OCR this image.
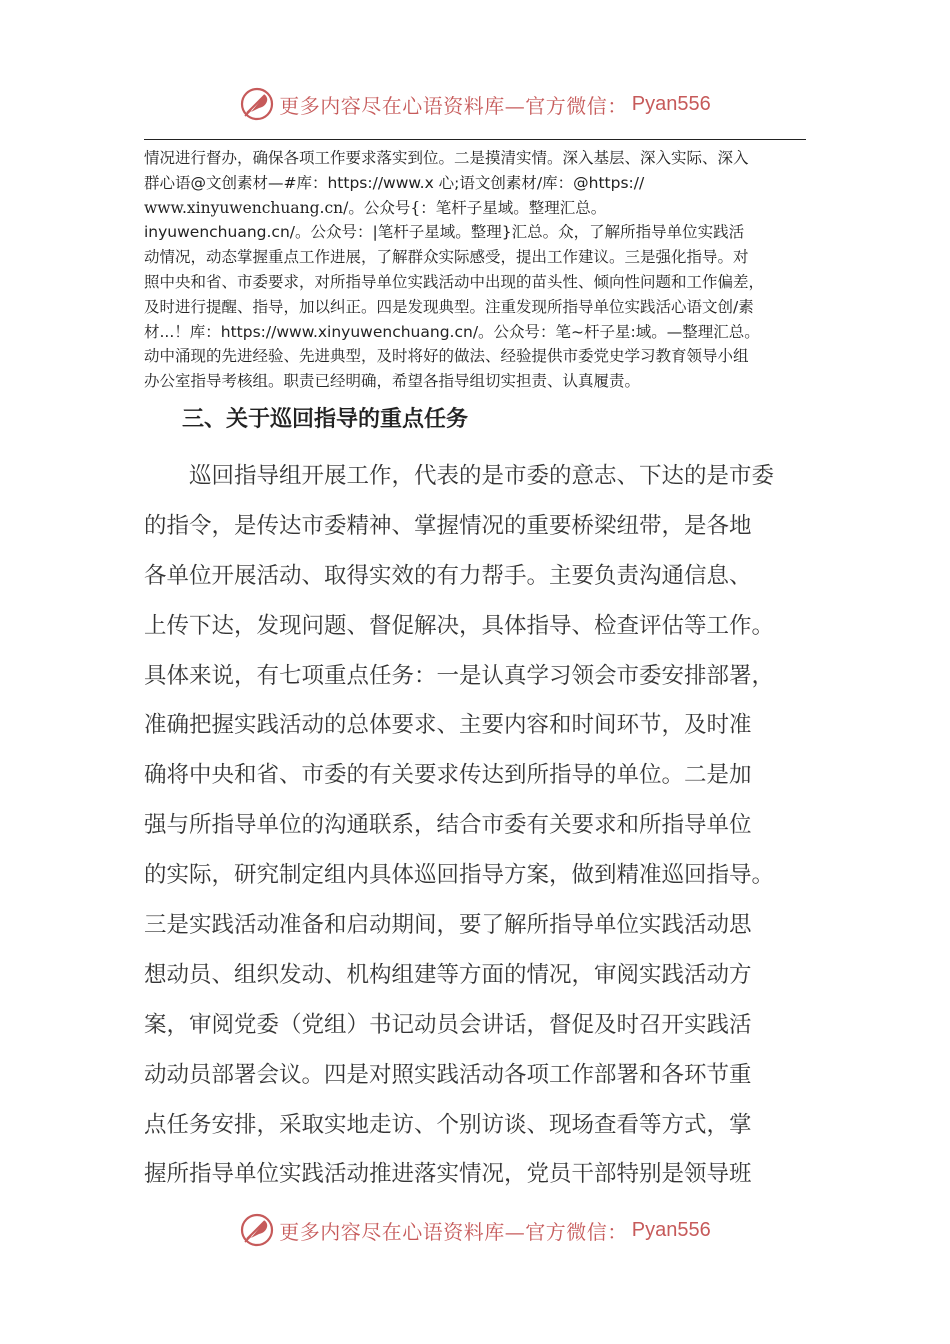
更多内容尽在心语资料库—官方微信： Pyan556
情况进行督办，确保各项工作要求落实到位。二是摸清实情。深入基层、深入实际、深入
群心语@文创素材—#库：https://www.x 心;语文创素材/库：@https://
www.xinyuwenchuang.cn/。公众号{：笔杆子星域。整理汇总。
inyuwenchuang.cn/。公众号：|笔杆子星域。整理}汇总。众，了解所指导单位实践活
动情况，动态掌握重点工作进展，了解群众实际感受，提出工作建议。三是强化指导。对
照中央和省、市委要求，对所指导单位实践活动中出现的苗头性、倾向性问题和工作偏差，
及时进行提醒、指导，加以纠正。四是发现典型。注重发现所指导单位实践活心语文创/素
材...！库：https://www.xinyuwenchuang.cn/。公众号：笔~杆子星:域。—整理汇总。
动中涌现的先进经验、先进典型，及时将好的做法、经验提供市委党史学习教育领导小组
办公室指导考核组。职责已经明确，希望各指导组切实担责、认真履责。
三、关于巡回指导的重点任务
　　巡回指导组开展工作，代表的是市委的意志、下达的是市委
的指令，是传达市委精神、掌握情况的重要桥梁纽带，是各地
各单位开展活动、取得实效的有力帮手。主要负责沟通信息、
上传下达，发现问题、督促解决，具体指导、检查评估等工作。
具体来说，有七项重点任务：一是认真学习领会市委安排部署，
准确把握实践活动的总体要求、主要内容和时间环节，及时准
确将中央和省、市委的有关要求传达到所指导的单位。二是加
强与所指导单位的沟通联系，结合市委有关要求和所指导单位
的实际，研究制定组内具体巡回指导方案，做到精准巡回指导。
三是实践活动准备和启动期间，要了解所指导单位实践活动思
想动员、组织发动、机构组建等方面的情况，审阅实践活动方
案，审阅党委（党组）书记动员会讲话，督促及时召开实践活
动动员部署会议。四是对照实践活动各项工作部署和各环节重
点任务安排，采取实地走访、个别访谈、现场查看等方式，掌
握所指导单位实践活动推进落实情况，党员干部特别是领导班
更多内容尽在心语资料库—官方微信： Pyan556
